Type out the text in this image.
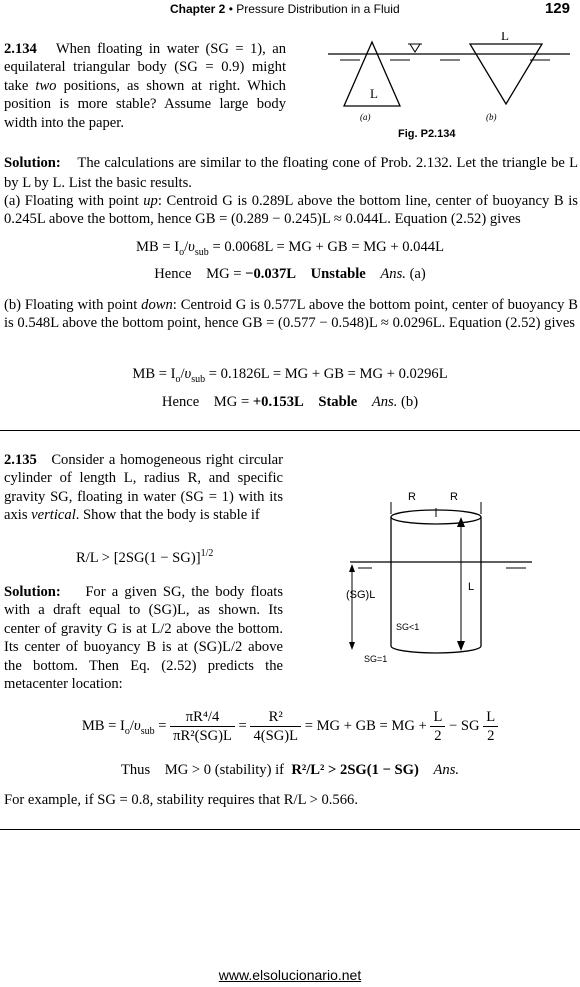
Chapter 2 • Pressure Distribution in a Fluid	129
2.134 When floating in water (SG = 1), an equilateral triangular body (SG = 0.9) might take two positions, as shown at right. Which position is more stable? Assume large body width into the paper.
L
L
(a)	(b)
Fig. P2.134
Solution: The calculations are similar to the floating cone of Prob. 2.132. Let the triangle be L by L by L. List the basic results.
(a) Floating with point up: Centroid G is 0.289L above the bottom line, center of buoyancy B is 0.245L above the bottom, hence GB = (0.289 − 0.245)L ≈ 0.044L. Equation (2.52) gives
MB = $I_o/\upsilon_{sub} = 0.0068L$ = MG + GB = MG + 0.044L
Hence MG = −0.037L Unstable Ans. (a)
(b) Floating with point down: Centroid G is 0.577L above the bottom point, center of buoyancy B is 0.548L above the bottom point, hence GB = (0.577 − 0.548)L ≈ 0.0296L. Equation (2.52) gives
MB = $I_o/\upsilon_{sub} = 0.1826L$ = MG + GB = MG + 0.0296L
Hence MG = +0.153L Stable Ans. (b)
2.135 Consider a homogeneous right circular cylinder of length L, radius R, and specific gravity SG, floating in water (SG = 1) with its axis vertical. Show that the body is stable if
$R/L > [2SG(1 - SG)]^{1/2}$
Solution: For a given SG, the body floats with a draft equal to (SG)L, as shown. Its center of gravity G is at L/2 above the bottom. Its center of buoyancy B is at (SG)L/2 above the bottom. Then Eq. (2.52) predicts the metacenter location:
R	R
L
(SG)L
SG<1
SG=1
MB = $I_o/\upsilon_{sub} = \frac{\text{πR⁴/4}}{\text{πR²(SG)L}} = \frac{\text{R²}}{4(SG)L}$ = MG + GB = MG + $\frac{L}{2}$ − SG $\frac{L}{2}$
Thus MG > 0 (stability) if R²/L² > 2SG(1 − SG) Ans.
For example, if SG = 0.8, stability requires that R/L > 0.566.
www.elsolucionario.net
